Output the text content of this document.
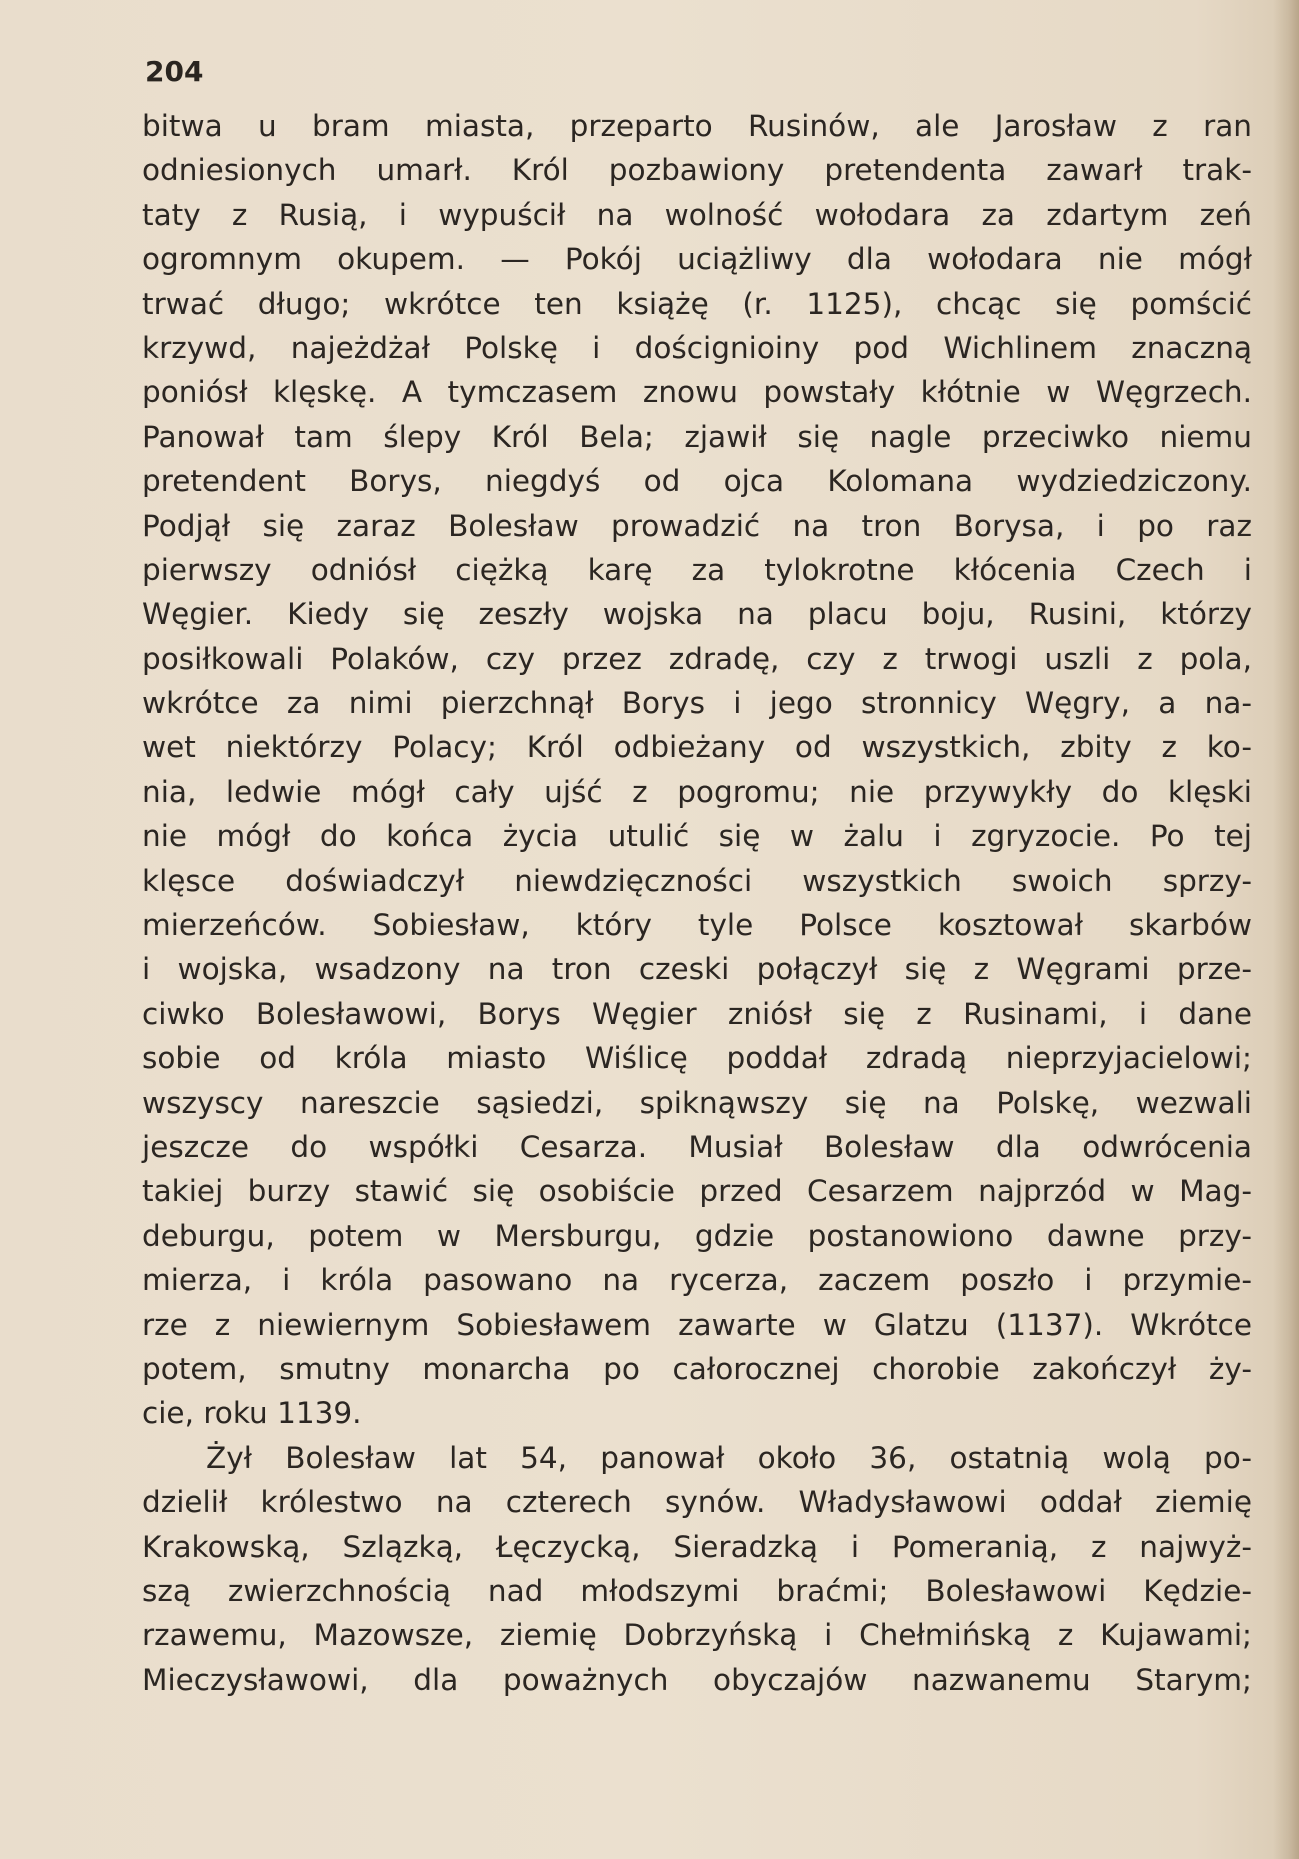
204
bitwa u bram miasta, przeparto Rusinów, ale Jarosław z ran
odniesionych umarł. Król pozbawiony pretendenta zawarł trak-
taty z Rusią, i wypuścił na wolność wołodara za zdartym zeń
ogromnym okupem. — Pokój uciążliwy dla wołodara nie mógł
trwać długo; wkrótce ten książę (r. 1125), chcąc się pomścić
krzywd, najeżdżał Polskę i doścignioiny pod Wichlinem znaczną
poniósł klęskę. A tymczasem znowu powstały kłótnie w Węgrzech.
Panował tam ślepy Król Bela; zjawił się nagle przeciwko niemu
pretendent Borys, niegdyś od ojca Kolomana wydziedziczony.
Podjął się zaraz Bolesław prowadzić na tron Borysa, i po raz
pierwszy odniósł ciężką karę za tylokrotne kłócenia Czech i
Węgier. Kiedy się zeszły wojska na placu boju, Rusini, którzy
posiłkowali Polaków, czy przez zdradę, czy z trwogi uszli z pola,
wkrótce za nimi pierzchnął Borys i jego stronnicy Węgry, a na-
wet niektórzy Polacy; Król odbieżany od wszystkich, zbity z ko-
nia, ledwie mógł cały ujść z pogromu; nie przywykły do klęski
nie mógł do końca życia utulić się w żalu i zgryzocie. Po tej
klęsce doświadczył niewdzięczności wszystkich swoich sprzy-
mierzeńców. Sobiesław, który tyle Polsce kosztował skarbów
i wojska, wsadzony na tron czeski połączył się z Węgrami prze-
ciwko Bolesławowi, Borys Węgier zniósł się z Rusinami, i dane
sobie od króla miasto Wiślicę poddał zdradą nieprzyjacielowi;
wszyscy nareszcie sąsiedzi, spiknąwszy się na Polskę, wezwali
jeszcze do współki Cesarza. Musiał Bolesław dla odwrócenia
takiej burzy stawić się osobiście przed Cesarzem najprzód w Mag-
deburgu, potem w Mersburgu, gdzie postanowiono dawne przy-
mierza, i króla pasowano na rycerza, zaczem poszło i przymie-
rze z niewiernym Sobiesławem zawarte w Glatzu (1137). Wkrótce
potem, smutny monarcha po całorocznej chorobie zakończył ży-
cie, roku 1139.
Żył Bolesław lat 54, panował około 36, ostatnią wolą po-
dzielił królestwo na czterech synów. Władysławowi oddał ziemię
Krakowską, Szlązką, Łęczycką, Sieradzką i Pomeranią, z najwyż-
szą zwierzchnością nad młodszymi braćmi; Bolesławowi Kędzie-
rzawemu, Mazowsze, ziemię Dobrzyńską i Chełmińską z Kujawami;
Mieczysławowi, dla poważnych obyczajów nazwanemu Starym;
